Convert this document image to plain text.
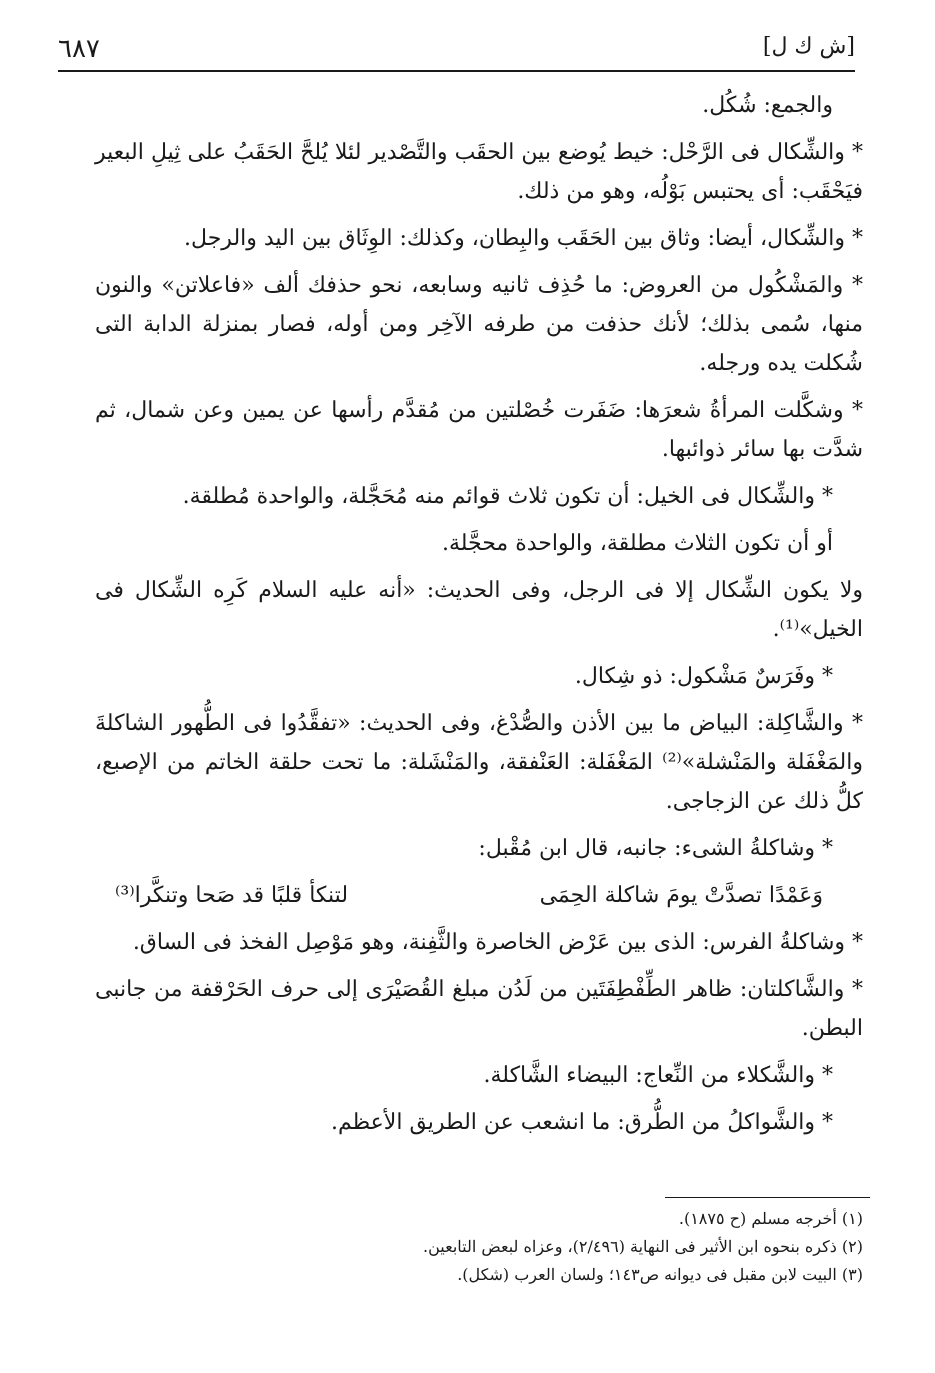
[ش ك ل]
٦٨٧

والجمع: شُكُل.

* والشِّكال فى الرَّحْل: خيط يُوضع بين الحقَب والتَّصْدير لئلا يُلحَّ الحَقَبُ على ثِيلِ البعير فيَحْقَب: أى يحتبس بَوْلُه، وهو من ذلك.

* والشِّكال، أيضا: وثاق بين الحَقَب والبِطان، وكذلك: الوِثَاق بين اليد والرجل.

* والمَشْكُول من العروض: ما حُذِف ثانيه وسابعه، نحو حذفك ألف «فاعلاتن» والنون منها، سُمى بذلك؛ لأنك حذفت من طرفه الآخِر ومن أوله، فصار بمنزلة الدابة التى شُكلت يده ورجله.

* وشكَّلت المرأةُ شعرَها: ضَفَرت خُصْلتين من مُقدَّم رأسها عن يمين وعن شمال، ثم شدَّت بها سائر ذوائبها.

* والشِّكال فى الخيل: أن تكون ثلاث قوائم منه مُحَجَّلة، والواحدة مُطلقة.

أو أن تكون الثلاث مطلقة، والواحدة محجَّلة.

ولا يكون الشِّكال إلا فى الرجل، وفى الحديث: «أنه عليه السلام كَرِه الشِّكال فى الخيل»⁽¹⁾.

* وفَرَسٌ مَشْكول: ذو شِكال.

* والشَّاكِلة: البياض ما بين الأذن والصُّدْغ، وفى الحديث: «تفقَّدُوا فى الطُّهور الشاكلةَ والمَغْفَلة والمَنْشلة»⁽²⁾ المَغْفَلة: العَنْفقة، والمَنْشَلة: ما تحت حلقة الخاتم من الإصبع، كلُّ ذلك عن الزجاجى.

* وشاكلةُ الشىء: جانبه، قال ابن مُقْبل:

وَعَمْدًا تصدَّتْ يومَ شاكلة الحِمَى
لتنكأ قلبًا قد صَحا وتنكَّرا⁽³⁾

* وشاكلةُ الفرس: الذى بين عَرْض الخاصرة والثَّفِنة، وهو مَوْصِل الفخذ فى الساق.

* والشَّاكلتان: ظاهر الطِّفْطِفَتَين من لَدُن مبلغ القُصَيْرَى إلى حرف الحَرْقفة من جانبى البطن.

* والشَّكلاء من النِّعاج: البيضاء الشَّاكلة.

* والشَّواكلُ من الطُّرق: ما انشعب عن الطريق الأعظم.

(١) أخرجه مسلم (ح ١٨٧٥).
(٢) ذكره بنحوه ابن الأثير فى النهاية (٢/٤٩٦)، وعزاه لبعض التابعين.
(٣) البيت لابن مقبل فى ديوانه ص١٤٣؛ ولسان العرب (شكل).
